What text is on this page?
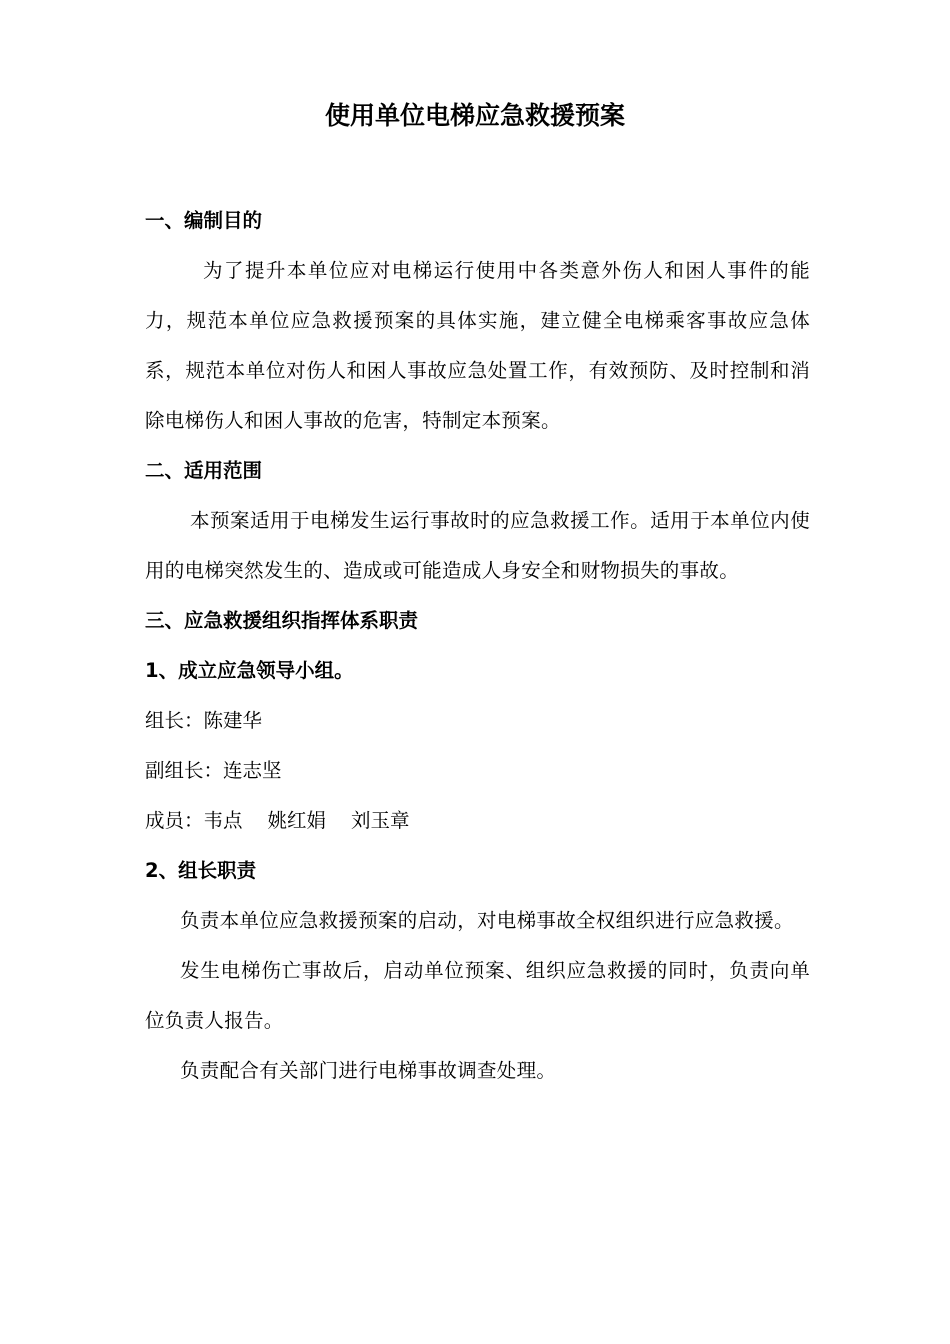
使用单位电梯应急救援预案
一、编制目的

为了提升本单位应对电梯运行使用中各类意外伤人和困人事件的能力，规范本单位应急救援预案的具体实施，建立健全电梯乘客事故应急体系，规范本单位对伤人和困人事故应急处置工作，有效预防、及时控制和消除电梯伤人和困人事故的危害，特制定本预案。

二、适用范围

本预案适用于电梯发生运行事故时的应急救援工作。适用于本单位内使用的电梯突然发生的、造成或可能造成人身安全和财物损失的事故。

三、应急救援组织指挥体系职责
1、成立应急领导小组。
组长：陈建华
副组长：连志坚
成员：韦点 姚红娟 刘玉章
2、组长职责

负责本单位应急救援预案的启动，对电梯事故全权组织进行应急救援。

发生电梯伤亡事故后，启动单位预案、组织应急救援的同时，负责向单位负责人报告。

负责配合有关部门进行电梯事故调查处理。
